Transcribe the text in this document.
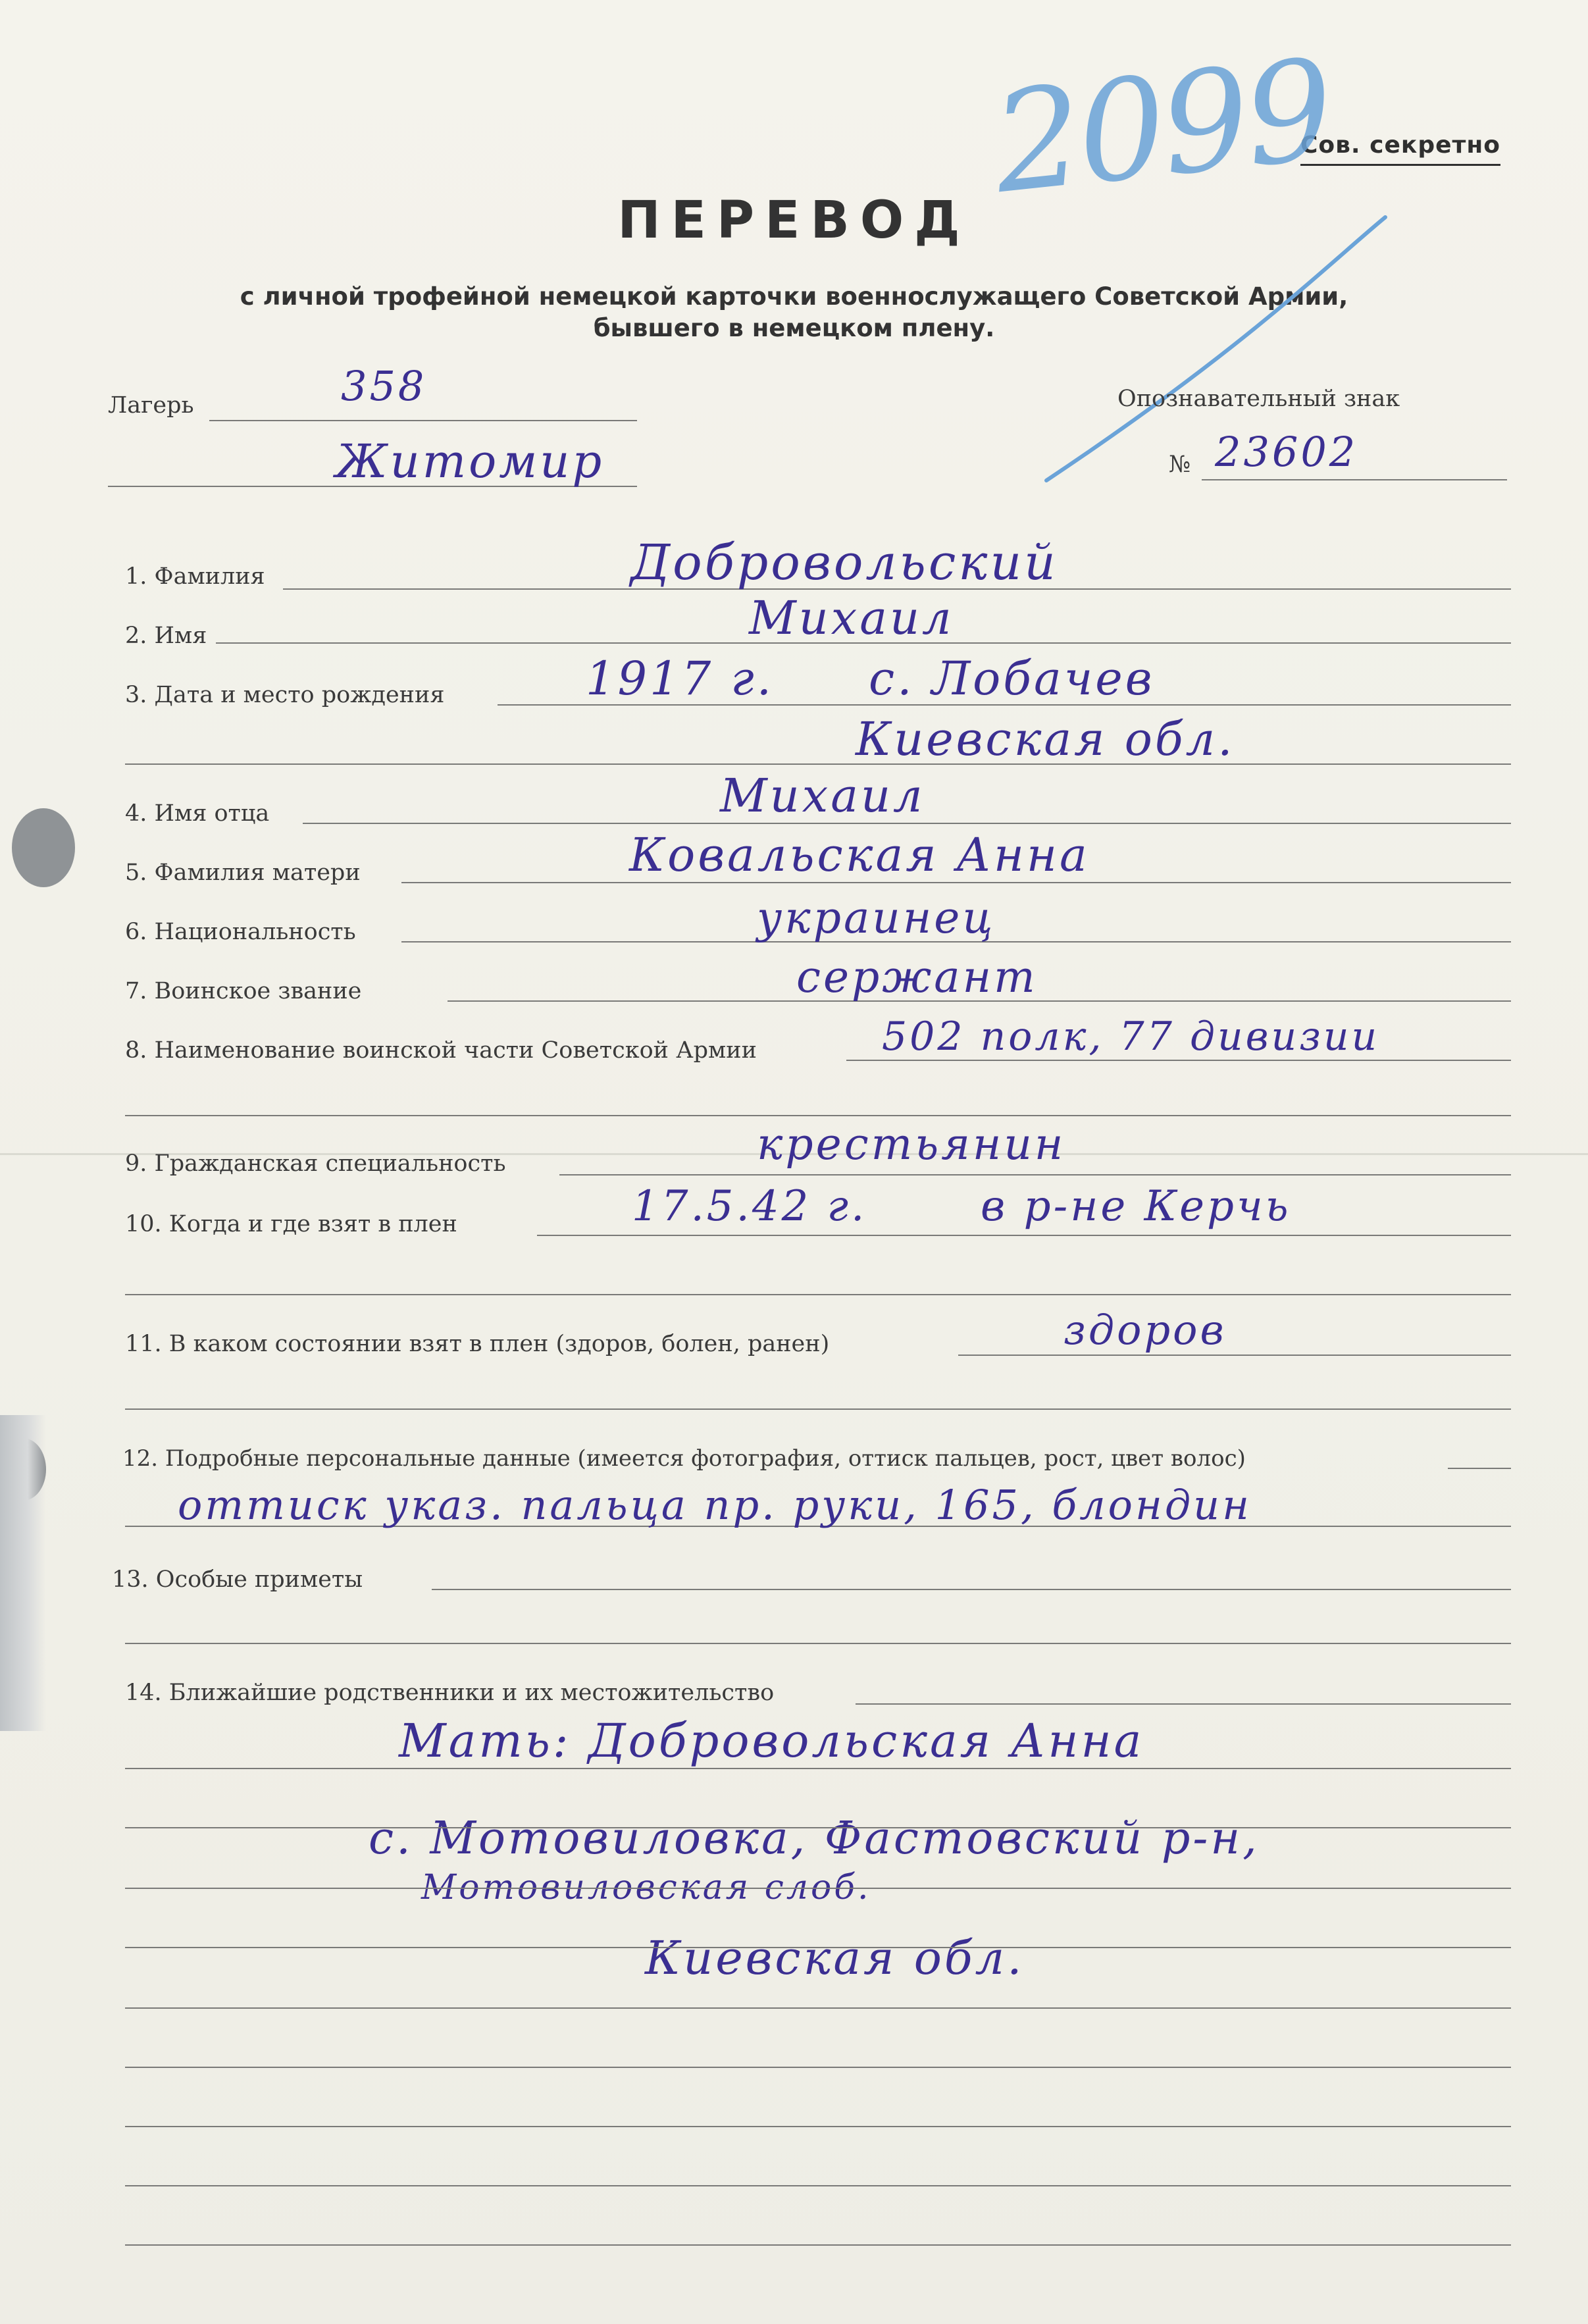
Сов. секретно
ПЕРЕВОД
с личной трофейной немецкой карточки военнослужащего Советской Армии,
бывшего в немецком плену.
2099
Лагерь	358
Житомир
Опознавательный знак
№ 23602
1. Фамилия	Добровольский
2. Имя	Михаил
3. Дата и место рождения	1917 г. с. Лобачев
Киевская обл.
4. Имя отца	Михаил
5. Фамилия матери	Ковальская Анна
6. Национальность	украинец
7. Воинское звание	сержант
8. Наименование воинской части Советской Армии	502 полк, 77 дивизии
9. Гражданская специальность	крестьянин
10. Когда и где взят в плен	17.5.42 г.	в р-не Керчь
11. В каком состоянии взят в плен (здоров, болен, ранен)	здоров
12. Подробные персональные данные (имеется фотография, оттиск пальцев, рост, цвет волос)
оттиск указ. пальца пр. руки, 165, блондин
13. Особые приметы
14. Ближайшие родственники и их местожительство
Мать: Добровольская Анна
с. Мотовиловка, Фастовский р-н,
Мотовиловская слоб.
Киевская обл.
